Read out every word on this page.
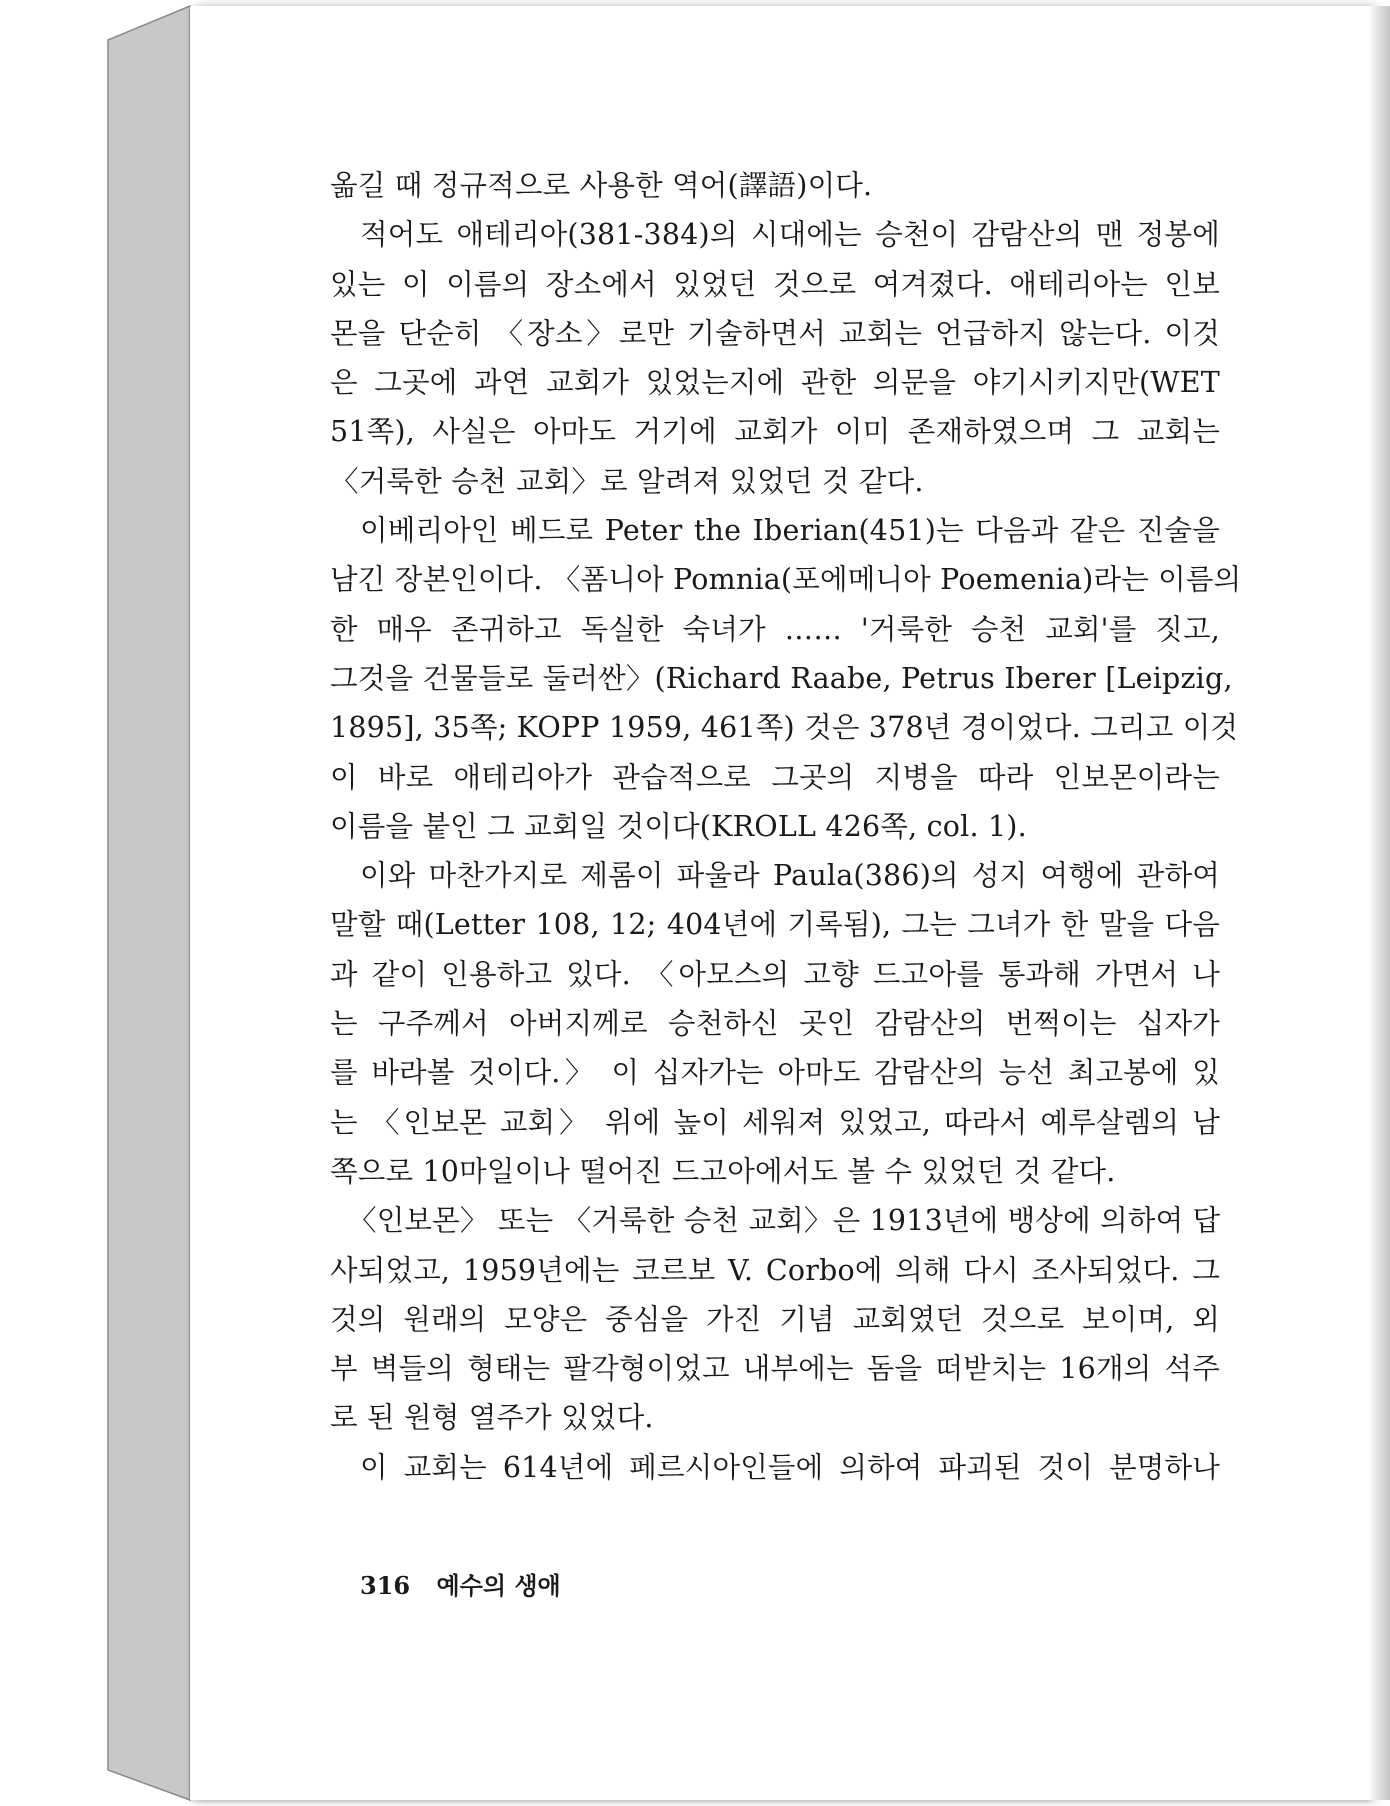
옮길 때 정규적으로 사용한 역어(譯語)이다.
적어도 애테리아(381-384)의 시대에는 승천이 감람산의 맨 정봉에
있는 이 이름의 장소에서 있었던 것으로 여겨졌다. 애테리아는 인보
몬을 단순히 〈장소〉로만 기술하면서 교회는 언급하지 않는다. 이것
은 그곳에 과연 교회가 있었는지에 관한 의문을 야기시키지만(WET
51쪽), 사실은 아마도 거기에 교회가 이미 존재하였으며 그 교회는
〈거룩한 승천 교회〉로 알려져 있었던 것 같다.
이베리아인 베드로 Peter the Iberian(451)는 다음과 같은 진술을
남긴 장본인이다. 〈폼니아 Pomnia(포에메니아 Poemenia)라는 이름의
한 매우 존귀하고 독실한 숙녀가 …… '거룩한 승천 교회'를 짓고,
그것을 건물들로 둘러싼〉(Richard Raabe, Petrus Iberer [Leipzig,
1895], 35쪽; KOPP 1959, 461쪽) 것은 378년 경이었다. 그리고 이것
이 바로 애테리아가 관습적으로 그곳의 지병을 따라 인보몬이라는
이름을 붙인 그 교회일 것이다(KROLL 426쪽, col. 1).
이와 마찬가지로 제롬이 파울라 Paula(386)의 성지 여행에 관하여
말할 때(Letter 108, 12; 404년에 기록됨), 그는 그녀가 한 말을 다음
과 같이 인용하고 있다. 〈아모스의 고향 드고아를 통과해 가면서 나
는 구주께서 아버지께로 승천하신 곳인 감람산의 번쩍이는 십자가
를 바라볼 것이다.〉 이 십자가는 아마도 감람산의 능선 최고봉에 있
는 〈인보몬 교회〉 위에 높이 세워져 있었고, 따라서 예루살렘의 남
쪽으로 10마일이나 떨어진 드고아에서도 볼 수 있었던 것 같다.
〈인보몬〉 또는 〈거룩한 승천 교회〉은 1913년에 뱅상에 의하여 답
사되었고, 1959년에는 코르보 V. Corbo에 의해 다시 조사되었다. 그
것의 원래의 모양은 중심을 가진 기념 교회였던 것으로 보이며, 외
부 벽들의 형태는 팔각형이었고 내부에는 돔을 떠받치는 16개의 석주
로 된 원형 열주가 있었다.
이 교회는 614년에 페르시아인들에 의하여 파괴된 것이 분명하나
316 예수의 생애
